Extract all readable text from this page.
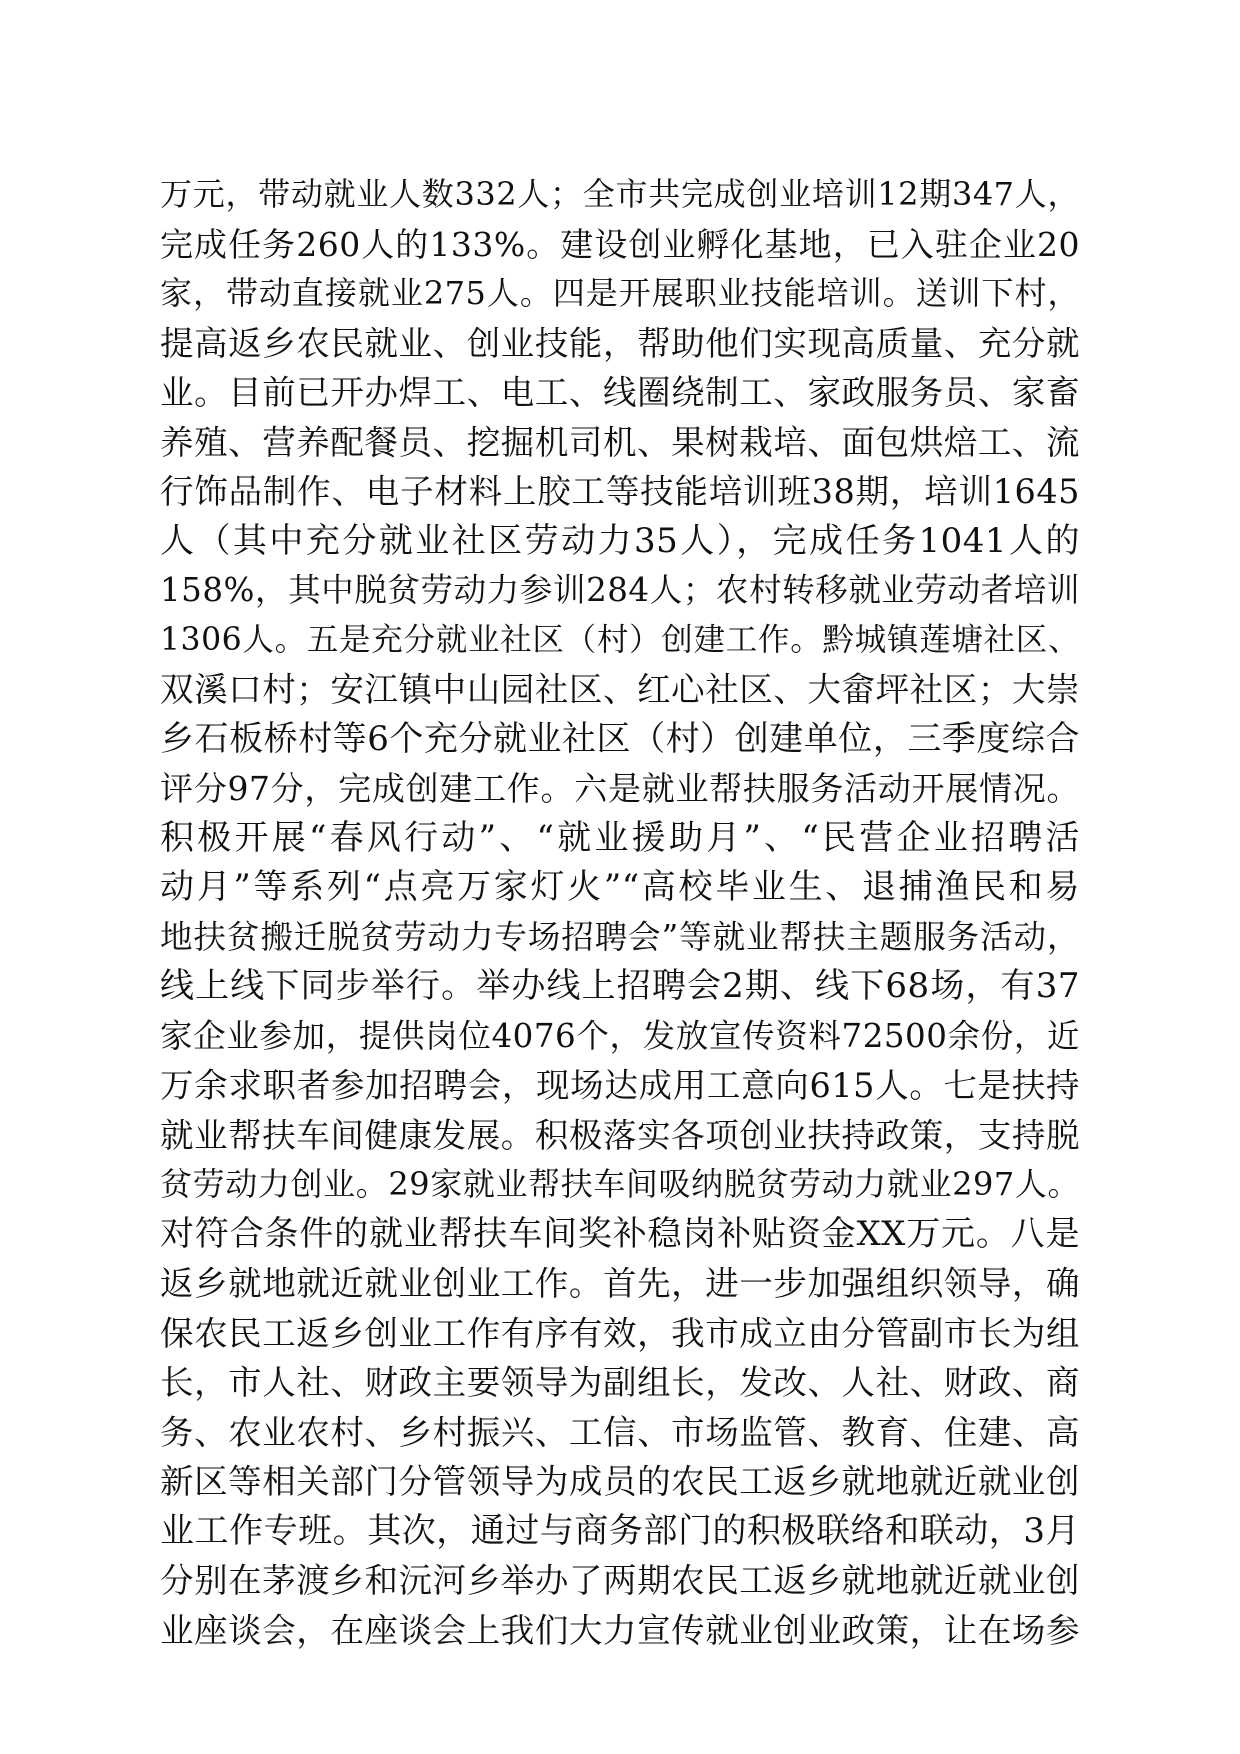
万元，带动就业人数332人；全市共完成创业培训12期347人，
完成任务260人的133%。建设创业孵化基地，已入驻企业20
家，带动直接就业275人。四是开展职业技能培训。送训下村，
提高返乡农民就业、创业技能，帮助他们实现高质量、充分就
业。目前已开办焊工、电工、线圈绕制工、家政服务员、家畜
养殖、营养配餐员、挖掘机司机、果树栽培、面包烘焙工、流
行饰品制作、电子材料上胶工等技能培训班38期，培训1645
人（其中充分就业社区劳动力35人），完成任务1041人的
158%，其中脱贫劳动力参训284人；农村转移就业劳动者培训
1306人。五是充分就业社区（村）创建工作。黔城镇莲塘社区、
双溪口村；安江镇中山园社区、红心社区、大畲坪社区；大崇
乡石板桥村等6个充分就业社区（村）创建单位，三季度综合
评分97分，完成创建工作。六是就业帮扶服务活动开展情况。
积极开展“春风行动”、“就业援助月”、“民营企业招聘活
动月”等系列“点亮万家灯火”“高校毕业生、退捕渔民和易
地扶贫搬迁脱贫劳动力专场招聘会”等就业帮扶主题服务活动，
线上线下同步举行。举办线上招聘会2期、线下68场，有37
家企业参加，提供岗位4076个，发放宣传资料72500余份，近
万余求职者参加招聘会，现场达成用工意向615人。七是扶持
就业帮扶车间健康发展。积极落实各项创业扶持政策，支持脱
贫劳动力创业。29家就业帮扶车间吸纳脱贫劳动力就业297人。
对符合条件的就业帮扶车间奖补稳岗补贴资金XX万元。八是
返乡就地就近就业创业工作。首先，进一步加强组织领导，确
保农民工返乡创业工作有序有效，我市成立由分管副市长为组
长，市人社、财政主要领导为副组长，发改、人社、财政、商
务、农业农村、乡村振兴、工信、市场监管、教育、住建、高
新区等相关部门分管领导为成员的农民工返乡就地就近就业创
业工作专班。其次，通过与商务部门的积极联络和联动，3月
分别在茅渡乡和沅河乡举办了两期农民工返乡就地就近就业创
业座谈会，在座谈会上我们大力宣传就业创业政策，让在场参
